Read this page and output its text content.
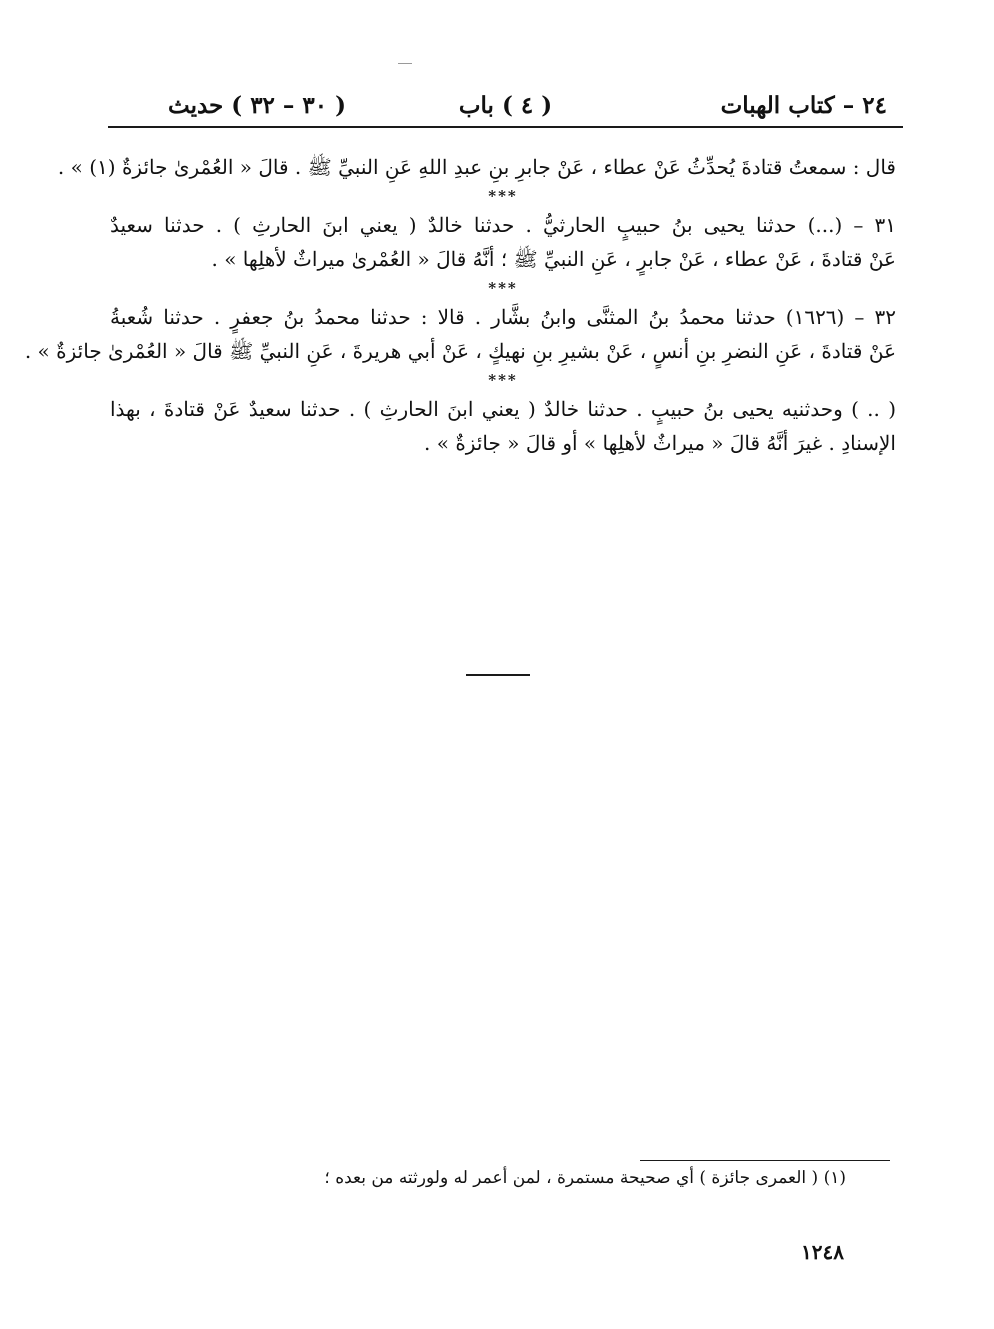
٢٤ – كتاب الهبات
( ٤ ) باب
( ٣٠ – ٣٢ ) حديث
قال : سمعتُ قتادةَ يُحدِّثُ عَنْ عطاء ، عَنْ جابرِ بنِ عبدِ اللهِ عَنِ النبيِّ ﷺ . قالَ « العُمْرىٰ جائزةٌ (١) » .
***
٣١ – (...) حدثنا يحيى بنُ حبيبٍ الحارثيُّ . حدثنا خالدٌ ( يعني ابنَ الحارثِ ) . حدثنا سعيدٌ
عَنْ قتادةَ ، عَنْ عطاء ، عَنْ جابرٍ ، عَنِ النبيِّ ﷺ ؛ أنَّهُ قالَ « العُمْرىٰ ميراثٌ لأهلِها » .
***
٣٢ – (١٦٢٦) حدثنا محمدُ بنُ المثنَّى وابنُ بشَّار . قالا : حدثنا محمدُ بنُ جعفرٍ . حدثنا شُعبةُ
عَنْ قتادةَ ، عَنِ النضرِ بنِ أنسٍ ، عَنْ بشيرِ بنِ نهيكٍ ، عَنْ أبي هريرةَ ، عَنِ النبيِّ ﷺ قالَ « العُمْرىٰ جائزةٌ » .
***
( .. ) وحدثنيه يحيى بنُ حبيبٍ . حدثنا خالدٌ ( يعني ابنَ الحارثِ ) . حدثنا سعيدٌ عَنْ قتادةَ ، بهذا
الإسنادِ . غيرَ أنَّهُ قالَ « ميراثٌ لأهلِها » أو قالَ « جائزةٌ » .
(١) ( العمرى جائزة ) أي صحيحة مستمرة ، لمن أعمر له ولورثته من بعده ؛
١٢٤٨
